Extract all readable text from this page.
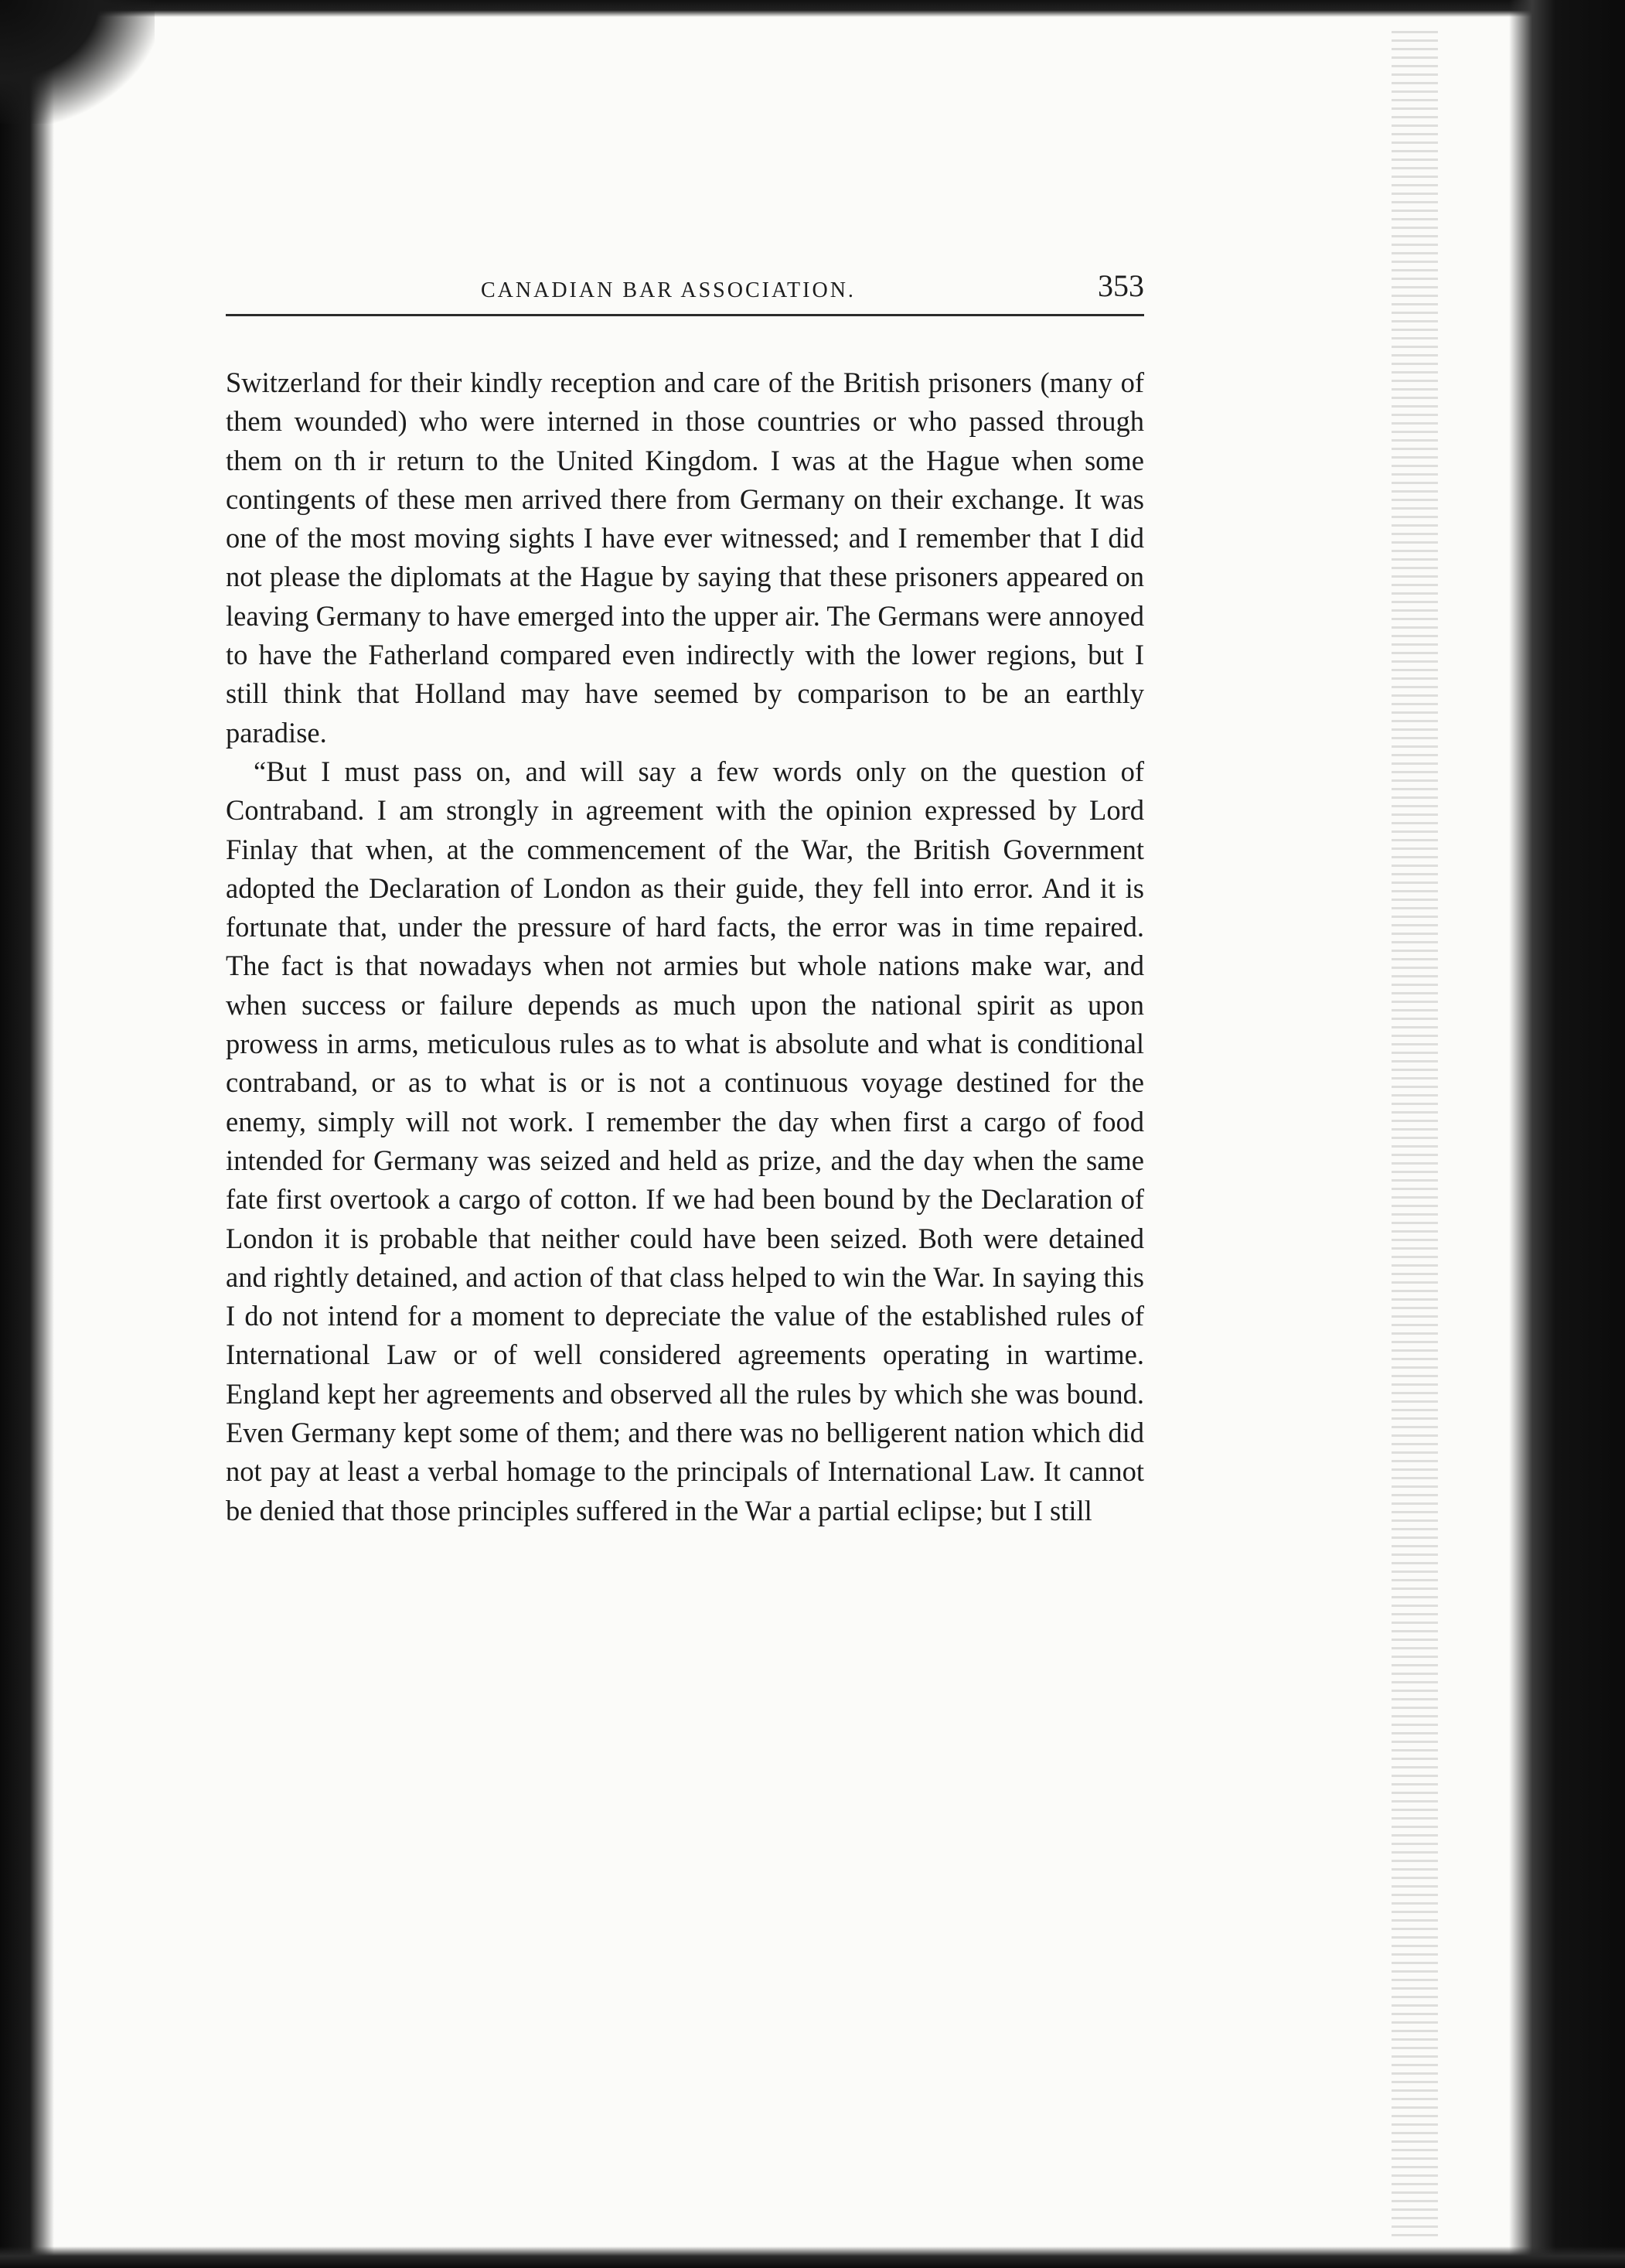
CANADIAN BAR ASSOCIATION.	353

Switzerland for their kindly reception and care of the British prisoners (many of them wounded) who were interned in those countries or who passed through them on th ir return to the United Kingdom. I was at the Hague when some contingents of these men arrived there from Germany on their exchange. It was one of the most moving sights I have ever witnessed; and I remember that I did not please the diplomats at the Hague by saying that these prisoners appeared on leaving Germany to have emerged into the upper air. The Germans were annoyed to have the Fatherland compared even indirectly with the lower regions, but I still think that Holland may have seemed by comparison to be an earthly paradise.

“But I must pass on, and will say a few words only on the question of Contraband. I am strongly in agreement with the opinion expressed by Lord Finlay that when, at the commencement of the War, the British Government adopted the Declaration of London as their guide, they fell into error. And it is fortunate that, under the pressure of hard facts, the error was in time repaired. The fact is that nowadays when not armies but whole nations make war, and when success or failure depends as much upon the national spirit as upon prowess in arms, meticulous rules as to what is absolute and what is conditional contraband, or as to what is or is not a continuous voyage destined for the enemy, simply will not work. I remember the day when first a cargo of food intended for Germany was seized and held as prize, and the day when the same fate first overtook a cargo of cotton. If we had been bound by the Declaration of London it is probable that neither could have been seized. Both were detained and rightly detained, and action of that class helped to win the War. In saying this I do not intend for a moment to depreciate the value of the established rules of International Law or of well considered agreements operating in wartime. England kept her agreements and observed all the rules by which she was bound. Even Germany kept some of them; and there was no belligerent nation which did not pay at least a verbal homage to the principals of International Law. It cannot be denied that those principles suffered in the War a partial eclipse; but I still
